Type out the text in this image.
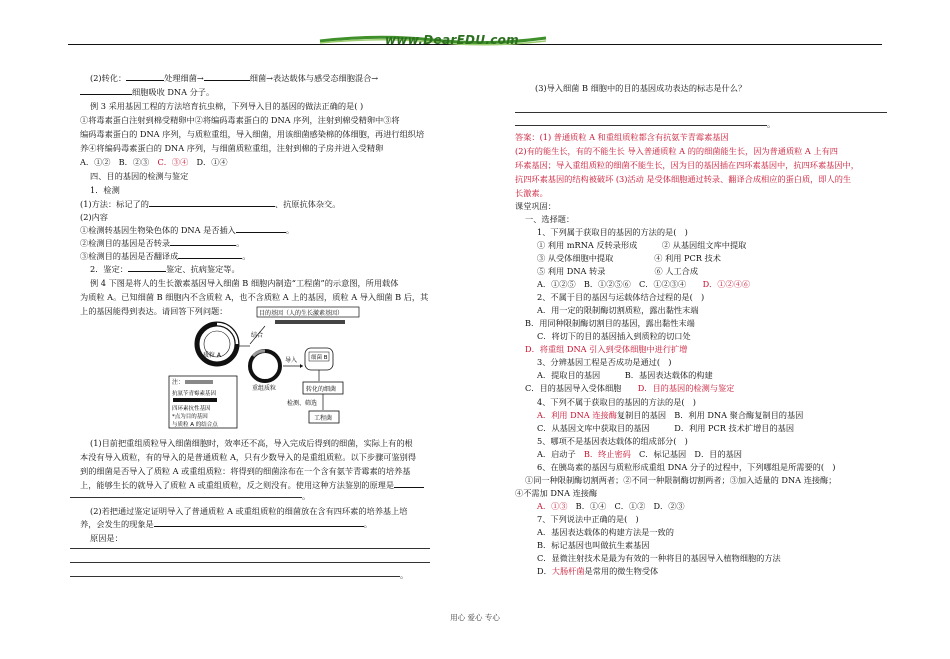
www.DearEDU.com
(2)转化：	处理细菌→	细菌→表达载体与感受态细胞混合→
细胞吸收 DNA 分子。
例 3 采用基因工程的方法培育抗虫棉，下列导入目的基因的做法正确的是( )
①将毒素蛋白注射到棉受精卵中②将编码毒素蛋白的 DNA 序列，注射到棉受精卵中③将
编码毒素蛋白的 DNA 序列，与质粒重组，导入细菌，用该细菌感染棉的体细胞，再进行组织培
养④将编码毒素蛋白的 DNA 序列，与细菌质粒重组，注射到棉的子房并进入受精卵
A．①②　B．②③　C．③④　D．①④
四、目的基因的检测与鉴定
1．检测
(1)方法：标记了的	、抗原抗体杂交。
(2)内容
①检测转基因生物染色体的 DNA 是否插入	。
②检测目的基因是否转录	。
③检测目的基因是否翻译成	。
2．鉴定：	鉴定、抗病鉴定等。
例 4 下图是将人的生长激素基因导入细菌 B 细胞内制造“工程菌”的示意图，所用载体
为质粒 A。已知细菌 B 细胞内不含质粒 A，也不含质粒 A 上的基因，质粒 A 导入细菌 B 后，其
上的基因能得到表达。请回答下列问题：
(1)目前把重组质粒导入细菌细胞时，效率还不高，导入完成后得到的细菌，实际上有的根
本没有导入质粒，有的导入的是普通质粒 A，只有少数导入的是重组质粒。以下步骤可鉴别得
到的细菌是否导入了质粒 A 或重组质粒：将得到的细菌涂布在一个含有氨苄青霉素的培养基
上，能够生长的就导入了质粒 A 或重组质粒，反之则没有。使用这种方法鉴别的原理是
。
(2)若把通过鉴定证明导入了普通质粒 A 或重组质粒的细菌放在含有四环素的培养基上培
养，会发生的现象是	。
原因是：
。
目的基因（人的生长激素基因）
质粒 A
结合
重组质粒
导入	细菌 B
转化的细菌
检测、筛选
工程菌
注：
抗氨苄青霉素基因
四环素抗性基因
*点为目的基因
与质粒 A 的结合点
(3)导入细菌 B 细胞中的目的基因成功表达的标志是什么？
。
答案：(1) 普通质粒 A 和重组质粒都含有抗氨苄青霉素基因
(2)有的能生长，有的不能生长 导入普通质粒 A 的的细菌能生长，因为普通质粒 A 上有四
环素基因；导入重组质粒的细菌不能生长，因为目的基因插在四环素基因中，抗四环素基因中，
抗四环素基因的结构被破坏 (3)活动 是受体细胞通过转录、翻译合成相应的蛋白质，即人的生
长激素。
课堂巩固：
一、选择题：
1、下列属于获取目的基因的方法的是(　)
① 利用 mRNA 反转录形成　　　② 从基因组文库中提取
③ 从受体细胞中提取　　　　　④ 利用 PCR 技术
⑤ 利用 DNA 转录　　　　　　⑥ 人工合成
A．①②⑤　B．①②⑤⑥　C．①②③④　　D．①②④⑥
2、不属于目的基因与运载体结合过程的是(　)
A．用一定的限制酶切割质粒，露出黏性末端
B．用同种限制酶切割目的基因，露出黏性末端
C．将切下的目的基因插入到质粒的切口处
D．将重组 DNA 引入到受体细胞中进行扩增
3、分辨基因工程是否成功是通过(　)
A．提取目的基因　　　B．基因表达载体的构建
C．目的基因导入受体细胞　　D．目的基因的检测与鉴定
4、下列不属于获取目的基因的方法的是(　)
A．利用 DNA 连接酶复制目的基因　B．利用 DNA 聚合酶复制目的基因
C．从基因文库中获取目的基因　　　D．利用 PCR 技术扩增目的基因
5、哪项不是基因表达载体的组成部分(　)
A．启动子　B．终止密码　C．标记基因　D．目的基因
6、在胰岛素的基因与质粒形成重组 DNA 分子的过程中，下列哪组是所需要的(　)
①同一种限制酶切割两者；②不同一种限制酶切割两者；③加入适量的 DNA 连接酶；
④不需加 DNA 连接酶
A．①③　B．①④　C．①②　D．②③
7、下列说法中正确的是(　)
A．基因表达载体的构建方法是一致的
B．标记基因也叫做抗生素基因
C．显微注射技术是最为有效的一种将目的基因导入植物细胞的方法
D．大肠杆菌是常用的微生物受体
用心 爱心 专心
